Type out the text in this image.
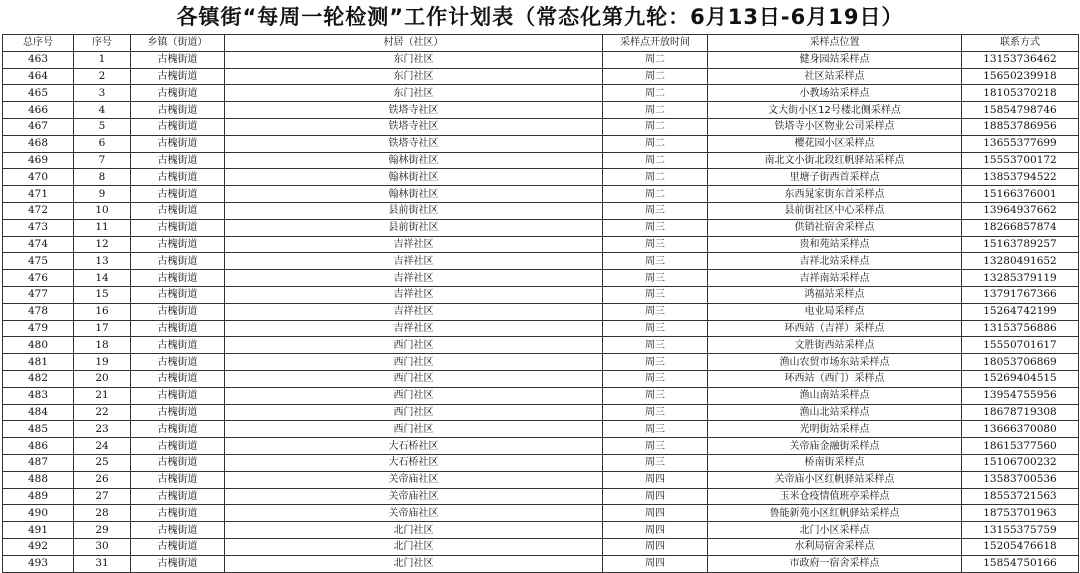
各镇街“每周一轮检测”工作计划表（常态化第九轮：6月13日-6月19日）
总序号	序号	乡镇（街道）	村居（社区）	采样点开放时间	采样点位置	联系方式
463	1	古槐街道	东门社区	周二	健身园站采样点	13153736462
464	2	古槐街道	东门社区	周二	社区站采样点	15650239918
465	3	古槐街道	东门社区	周二	小教场站采样点	18105370218
466	4	古槐街道	铁塔寺社区	周二	文大街小区12号楼北侧采样点	15854798746
467	5	古槐街道	铁塔寺社区	周二	铁塔寺小区物业公司采样点	18853786956
468	6	古槐街道	铁塔寺社区	周二	樱花园小区采样点	13655377699
469	7	古槐街道	翰林街社区	周二	南北文小街北段红帆驿站采样点	15553700172
470	8	古槐街道	翰林街社区	周二	里塘子街西首采样点	13853794522
471	9	古槐街道	翰林街社区	周二	东西晁家街东首采样点	15166376001
472	10	古槐街道	县前街社区	周三	县前街社区中心采样点	13964937662
473	11	古槐街道	县前街社区	周三	供销社宿舍采样点	18266857874
474	12	古槐街道	吉祥社区	周三	贵和苑站采样点	15163789257
475	13	古槐街道	吉祥社区	周三	吉祥北站采样点	13280491652
476	14	古槐街道	吉祥社区	周三	吉祥南站采样点	13285379119
477	15	古槐街道	吉祥社区	周三	鸿福站采样点	13791767366
478	16	古槐街道	吉祥社区	周三	电业局采样点	15264742199
479	17	古槐街道	吉祥社区	周三	环西站（吉祥）采样点	13153756886
480	18	古槐街道	西门社区	周三	文胜街西站采样点	15550701617
481	19	古槐街道	西门社区	周三	渔山农贸市场东站采样点	18053706869
482	20	古槐街道	西门社区	周三	环西站（西门）采样点	15269404515
483	21	古槐街道	西门社区	周三	渔山南站采样点	13954755956
484	22	古槐街道	西门社区	周三	渔山北站采样点	18678719308
485	23	古槐街道	西门社区	周三	光明街站采样点	13666370080
486	24	古槐街道	大石桥社区	周三	关帝庙金融街采样点	18615377560
487	25	古槐街道	大石桥社区	周三	桥南街采样点	15106700232
488	26	古槐街道	关帝庙社区	周四	关帝庙小区红帆驿站采样点	13583700536
489	27	古槐街道	关帝庙社区	周四	玉米仓疫情值班亭采样点	18553721563
490	28	古槐街道	关帝庙社区	周四	鲁能新苑小区红帆驿站采样点	18753701963
491	29	古槐街道	北门社区	周四	北门小区采样点	13155375759
492	30	古槐街道	北门社区	周四	水利局宿舍采样点	15205476618
493	31	古槐街道	北门社区	周四	市政府一宿舍采样点	15854750166
